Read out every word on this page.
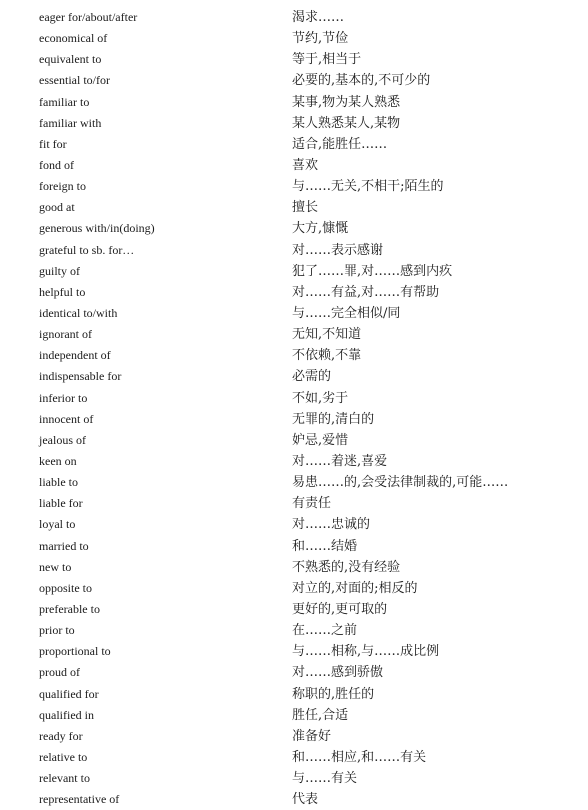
eager for/about/after	渴求……
economical of	节约,节俭
equivalent to	等于,相当于
essential to/for	必要的,基本的,不可少的
familiar to	某事,物为某人熟悉
familiar with	某人熟悉某人,某物
fit for	适合,能胜任……
fond of	喜欢
foreign to	与……无关,不相干;陌生的
good at	擅长
generous with/in(doing)	大方,慷慨
grateful to sb. for…	对……表示感谢
guilty of	犯了……罪,对……感到内疚
helpful to	对……有益,对……有帮助
identical to/with	与……完全相似/同
ignorant of	无知,不知道
independent of	不依赖,不靠
indispensable for	必需的
inferior to	不如,劣于
innocent of	无罪的,清白的
jealous of	妒忌,爱惜
keen on	对……着迷,喜爱
liable to	易患……的,会受法律制裁的,可能……
liable for	有责任
loyal to	对……忠诚的
married to	和……结婚
new to	不熟悉的,没有经验
opposite to	对立的,对面的;相反的
preferable to	更好的,更可取的
prior to	在……之前
proportional to	与……相称,与……成比例
proud of	对……感到骄傲
qualified for	称职的,胜任的
qualified in	胜任,合适
ready for	准备好
relative to	和……相应,和……有关
relevant to	与……有关
representative of	代表
